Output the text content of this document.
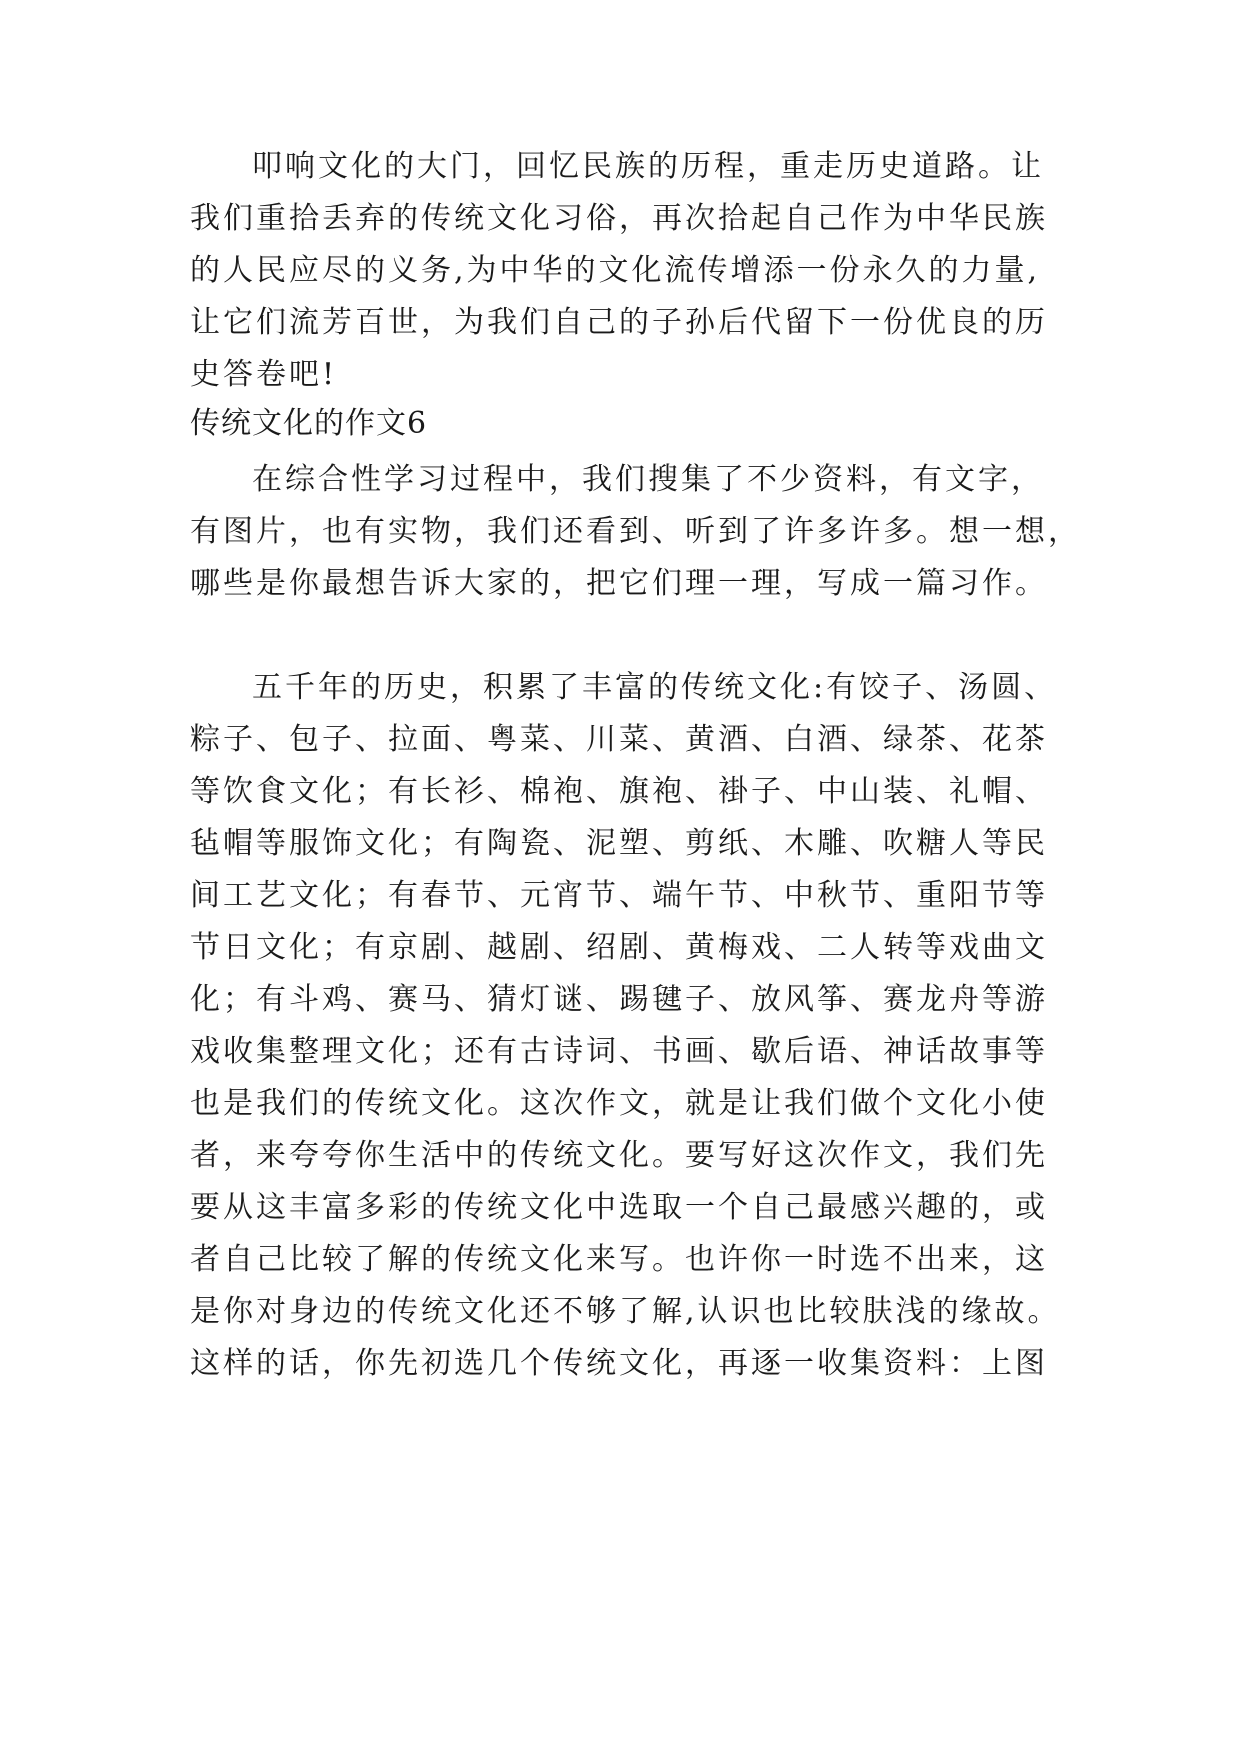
叩响文化的大门，回忆民族的历程，重走历史道路。让
我们重拾丢弃的传统文化习俗，再次拾起自己作为中华民族
的人民应尽的义务,为中华的文化流传增添一份永久的力量,
让它们流芳百世，为我们自己的子孙后代留下一份优良的历
史答卷吧!
传统文化的作文6
在综合性学习过程中，我们搜集了不少资料，有文字，
有图片，也有实物，我们还看到、听到了许多许多。想一想，
哪些是你最想告诉大家的，把它们理一理，写成一篇习作。
五千年的历史，积累了丰富的传统文化:有饺子、汤圆、
粽子、包子、拉面、粤菜、川菜、黄酒、白酒、绿茶、花茶
等饮食文化；有长衫、棉袍、旗袍、褂子、中山装、礼帽、
毡帽等服饰文化；有陶瓷、泥塑、剪纸、木雕、吹糖人等民
间工艺文化；有春节、元宵节、端午节、中秋节、重阳节等
节日文化；有京剧、越剧、绍剧、黄梅戏、二人转等戏曲文
化；有斗鸡、赛马、猜灯谜、踢毽子、放风筝、赛龙舟等游
戏收集整理文化；还有古诗词、书画、歇后语、神话故事等
也是我们的传统文化。这次作文，就是让我们做个文化小使
者，来夸夸你生活中的传统文化。要写好这次作文，我们先
要从这丰富多彩的传统文化中选取一个自己最感兴趣的，或
者自己比较了解的传统文化来写。也许你一时选不出来，这
是你对身边的传统文化还不够了解,认识也比较肤浅的缘故。
这样的话，你先初选几个传统文化，再逐一收集资料：上图
